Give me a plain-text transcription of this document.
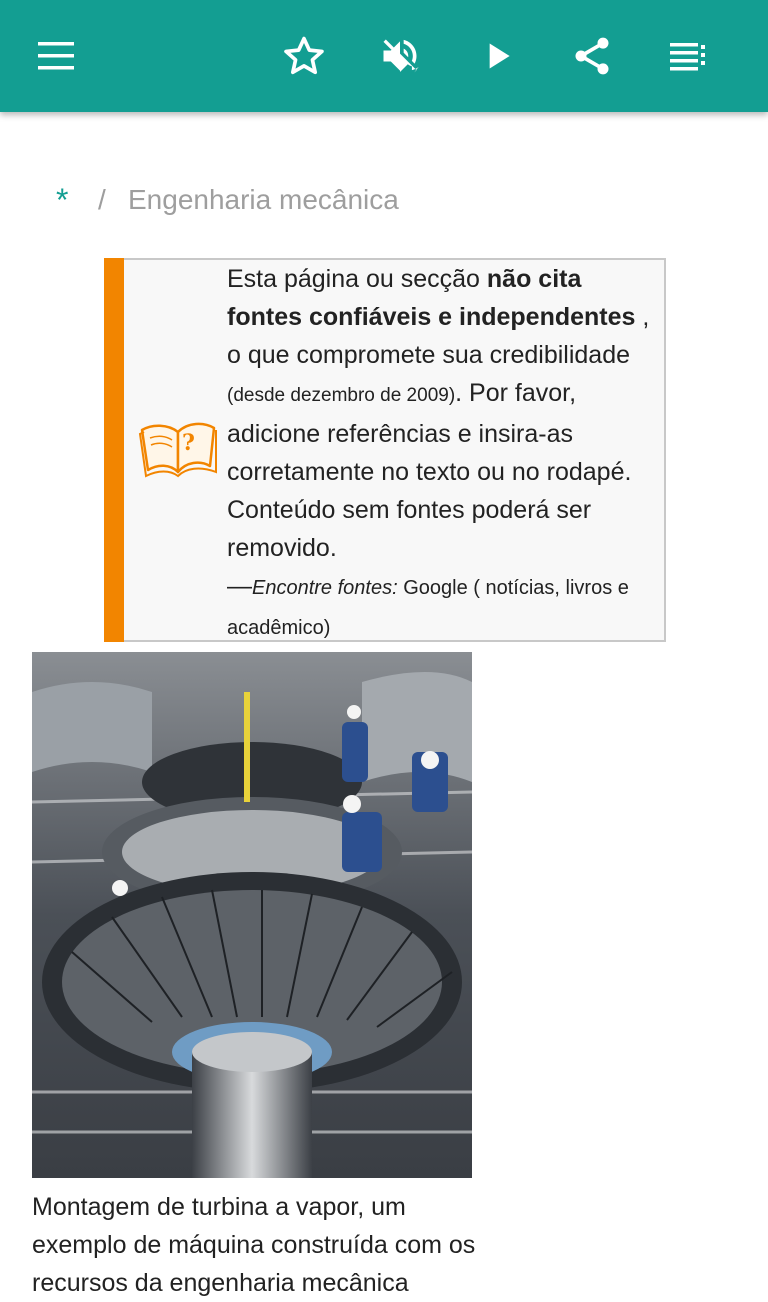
*	/ Engenharia mecânica
?
Esta página ou secção não cita fontes confiáveis e independentes , o que compromete sua credibilidade (desde dezembro de 2009). Por favor, adicione referências e insira-as corretamente no texto ou no rodapé. Conteúdo sem fontes poderá ser removido.
—Encontre fontes: Google ( notícias, livros e acadêmico)
Montagem de turbina a vapor, um exemplo de máquina construída com os recursos da engenharia mecânica
